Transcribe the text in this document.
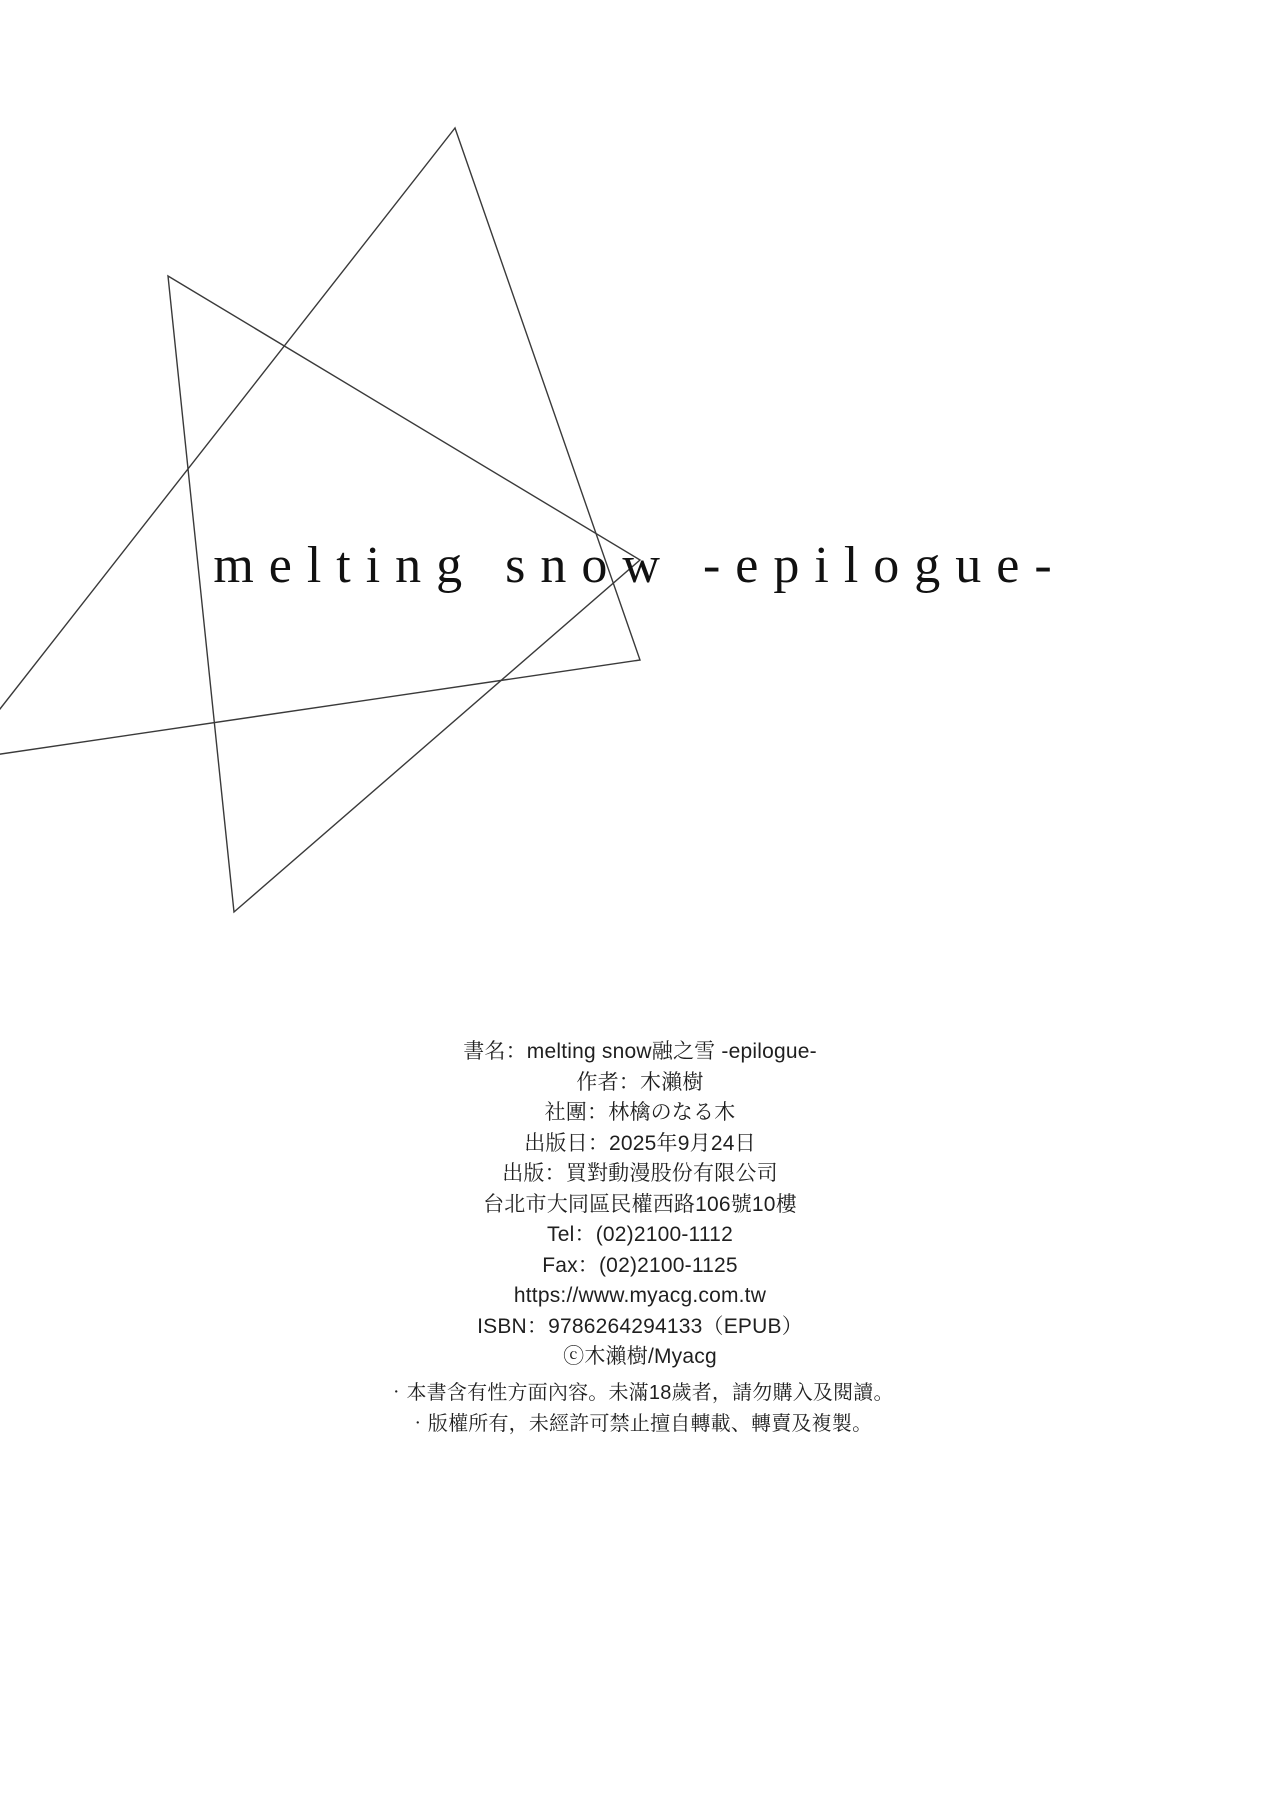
melting snow -epilogue-
書名：melting snow融之雪 -epilogue-
作者：木瀨樹
社團：林檎のなる木
出版日：2025年9月24日
出版：買對動漫股份有限公司
台北市大同區民權西路106號10樓
Tel：(02)2100-1112
Fax：(02)2100-1125
https://www.myacg.com.tw
ISBN：9786264294133（EPUB）
ⓒ木瀨樹/Myacg
‧本書含有性方面內容。未滿18歲者，請勿購入及閱讀。
‧版權所有，未經許可禁止擅自轉載、轉賣及複製。
